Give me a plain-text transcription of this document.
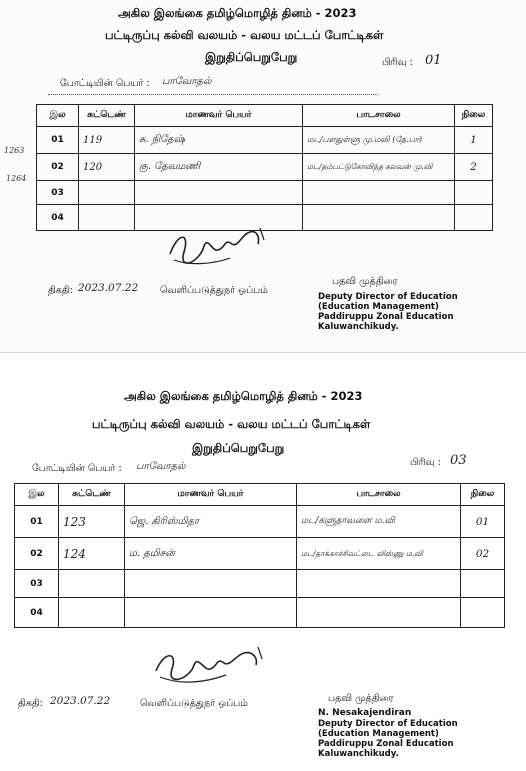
அகில இலங்கை தமிழ்மொழித் தினம் - 2023
பட்டிருப்பு கல்வி வலயம் - வலய மட்டப் போட்டிகள்
இறுதிப்பெறுபேறு	பிரிவு : 01
போட்டியின் பெயர் : பாவோதல்
இல	சுட்டெண்	மாணவர் பெயர்	பாடசாலை	நிலை
01	119	சு. நிதேஷ்	மட/பளதுள்ளு மு.மவி (தே.பா)	1
02	120	கு. தேவமணி	மட/தம்பட்டுகோவிந்த கலவன் மு.வி	2
03				
04				
1263
1264
திகதி: 2023.07.22 வெளிப்படுத்துநர் ஒப்பம்
பதவி முத்திரை
Deputy Director of Education
(Education Management)
Paddiruppu Zonal Education
Kaluwanchikudy.
அகில இலங்கை தமிழ்மொழித் தினம் - 2023
பட்டிருப்பு கல்வி வலயம் - வலய மட்டப் போட்டிகள்
இறுதிப்பெறுபேறு
பிரிவு : 03
போட்டியின் பெயர் : பாவோதல்
இல	சுட்டெண்	மாணவர் பெயர்	பாடசாலை	நிலை
01	123	ஜெ. கிரிஸ்மிதா	மட/களுதாவளை ம.வி	01
02	124	ம. தமிசன்	மட/தாக்காச்சிவட்டை விஸ்ணு ம.வி	02
03				
04				
திகதி: 2023.07.22	வெளிப்படுத்துநர் ஒப்பம்	பதவி முத்திரை
N. Nesakajendiran
Deputy Director of Education
(Education Management)
Paddiruppu Zonal Education
Kaluwanchikudy.
